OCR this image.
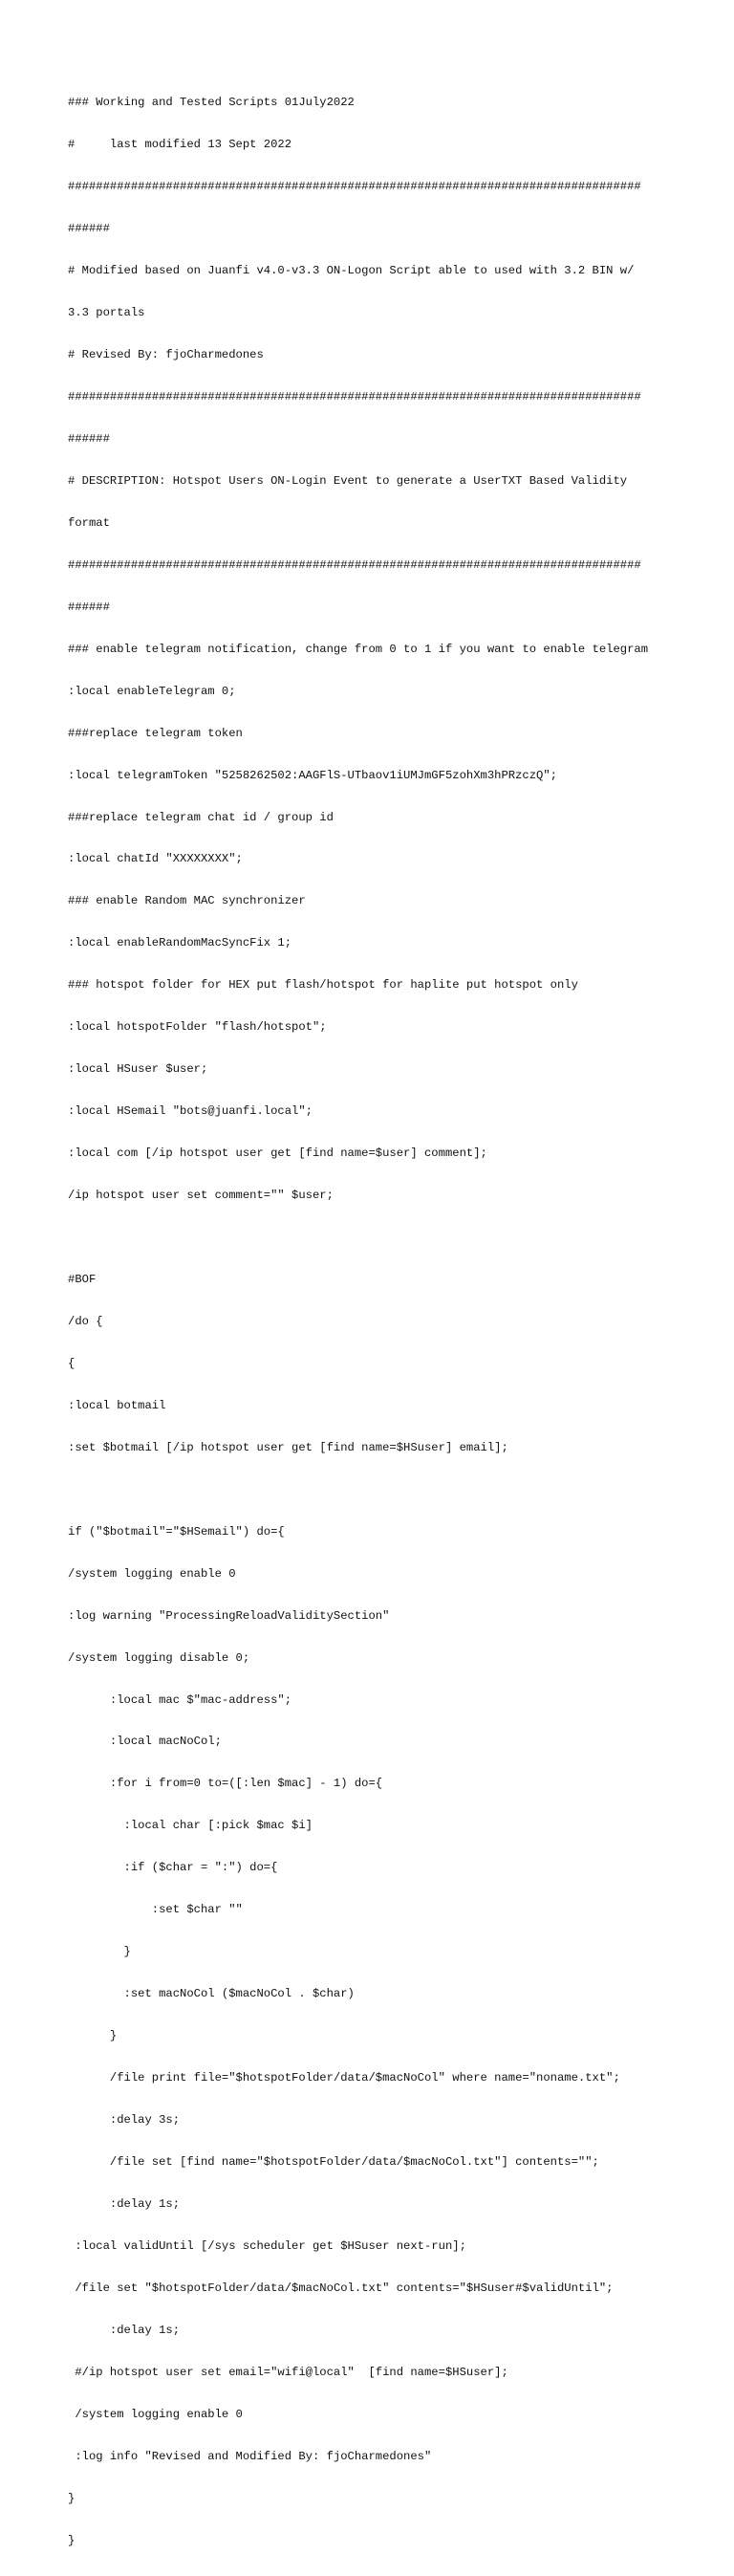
### Working and Tested Scripts 01July2022

#     last modified 13 Sept 2022

##################################################################################

######

# Modified based on Juanfi v4.0-v3.3 ON-Logon Script able to used with 3.2 BIN w/

3.3 portals

# Revised By: fjoCharmedones

##################################################################################

######

# DESCRIPTION: Hotspot Users ON-Login Event to generate a UserTXT Based Validity

format

##################################################################################

######

### enable telegram notification, change from 0 to 1 if you want to enable telegram

:local enableTelegram 0;

###replace telegram token

:local telegramToken "5258262502:AAGFlS-UTbaov1iUMJmGF5zohXm3hPRzczQ";

###replace telegram chat id / group id

:local chatId "XXXXXXXX";

### enable Random MAC synchronizer

:local enableRandomMacSyncFix 1;

### hotspot folder for HEX put flash/hotspot for haplite put hotspot only

:local hotspotFolder "flash/hotspot";

:local HSuser $user;

:local HSemail "bots@juanfi.local";

:local com [/ip hotspot user get [find name=$user] comment];

/ip hotspot user set comment="" $user;

#BOF

/do {

{

:local botmail

:set $botmail [/ip hotspot user get [find name=$HSuser] email];

if ("$botmail"="$HSemail") do={

/system logging enable 0

:log warning "ProcessingReloadValiditySection"

/system logging disable 0;

:local mac $"mac-address";

:local macNoCol;

:for i from=0 to=([:len $mac] - 1) do={

:local char [:pick $mac $i]

:if ($char = ":") do={

:set $char ""

}

:set macNoCol ($macNoCol . $char)

}

/file print file="$hotspotFolder/data/$macNoCol" where name="noname.txt";

:delay 3s;

/file set [find name="$hotspotFolder/data/$macNoCol.txt"] contents="";

:delay 1s;

:local validUntil [/sys scheduler get $HSuser next-run];

/file set "$hotspotFolder/data/$macNoCol.txt" contents="$HSuser#$validUntil";

:delay 1s;

#/ip hotspot user set email="wifi@local"  [find name=$HSuser];

/system logging enable 0

:log info "Revised and Modified By: fjoCharmedones"

}

}
